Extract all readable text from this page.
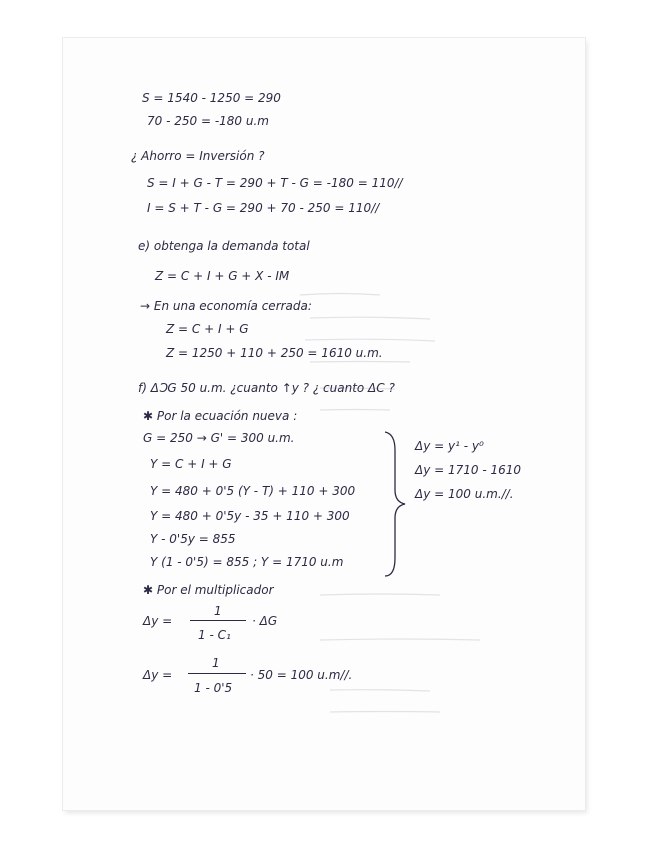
S = 1540 - 1250 = 290
70 - 250 = -180 u.m
¿ Ahorro = Inversión ?
S = I + G - T = 290 + T - G = -180 = 110//
I = S + T - G = 290 + 70 - 250 = 110//
e) obtenga la demanda total
Z = C + I + G + X - IM
→ En una economía cerrada:
Z = C + I + G
Z = 1250 + 110 + 250 = 1610 u.m.
f) ΔↃG 50 u.m. ¿cuanto ↑y ? ¿ cuanto ΔC ?
✱ Por la ecuación nueva :
G = 250 → G' = 300 u.m.
Y = C + I + G
Y = 480 + 0'5 (Y - T) + 110 + 300
Y = 480 + 0'5y - 35 + 110 + 300
Y - 0'5y = 855
Y (1 - 0'5) = 855 ; Y = 1710 u.m
Δy = y¹ - y⁰
Δy = 1710 - 1610
Δy = 100 u.m.//.
✱ Por el multiplicador
Δy =
1
1 - C₁
· ΔG
Δy =
1
1 - 0'5
· 50 = 100 u.m//.
